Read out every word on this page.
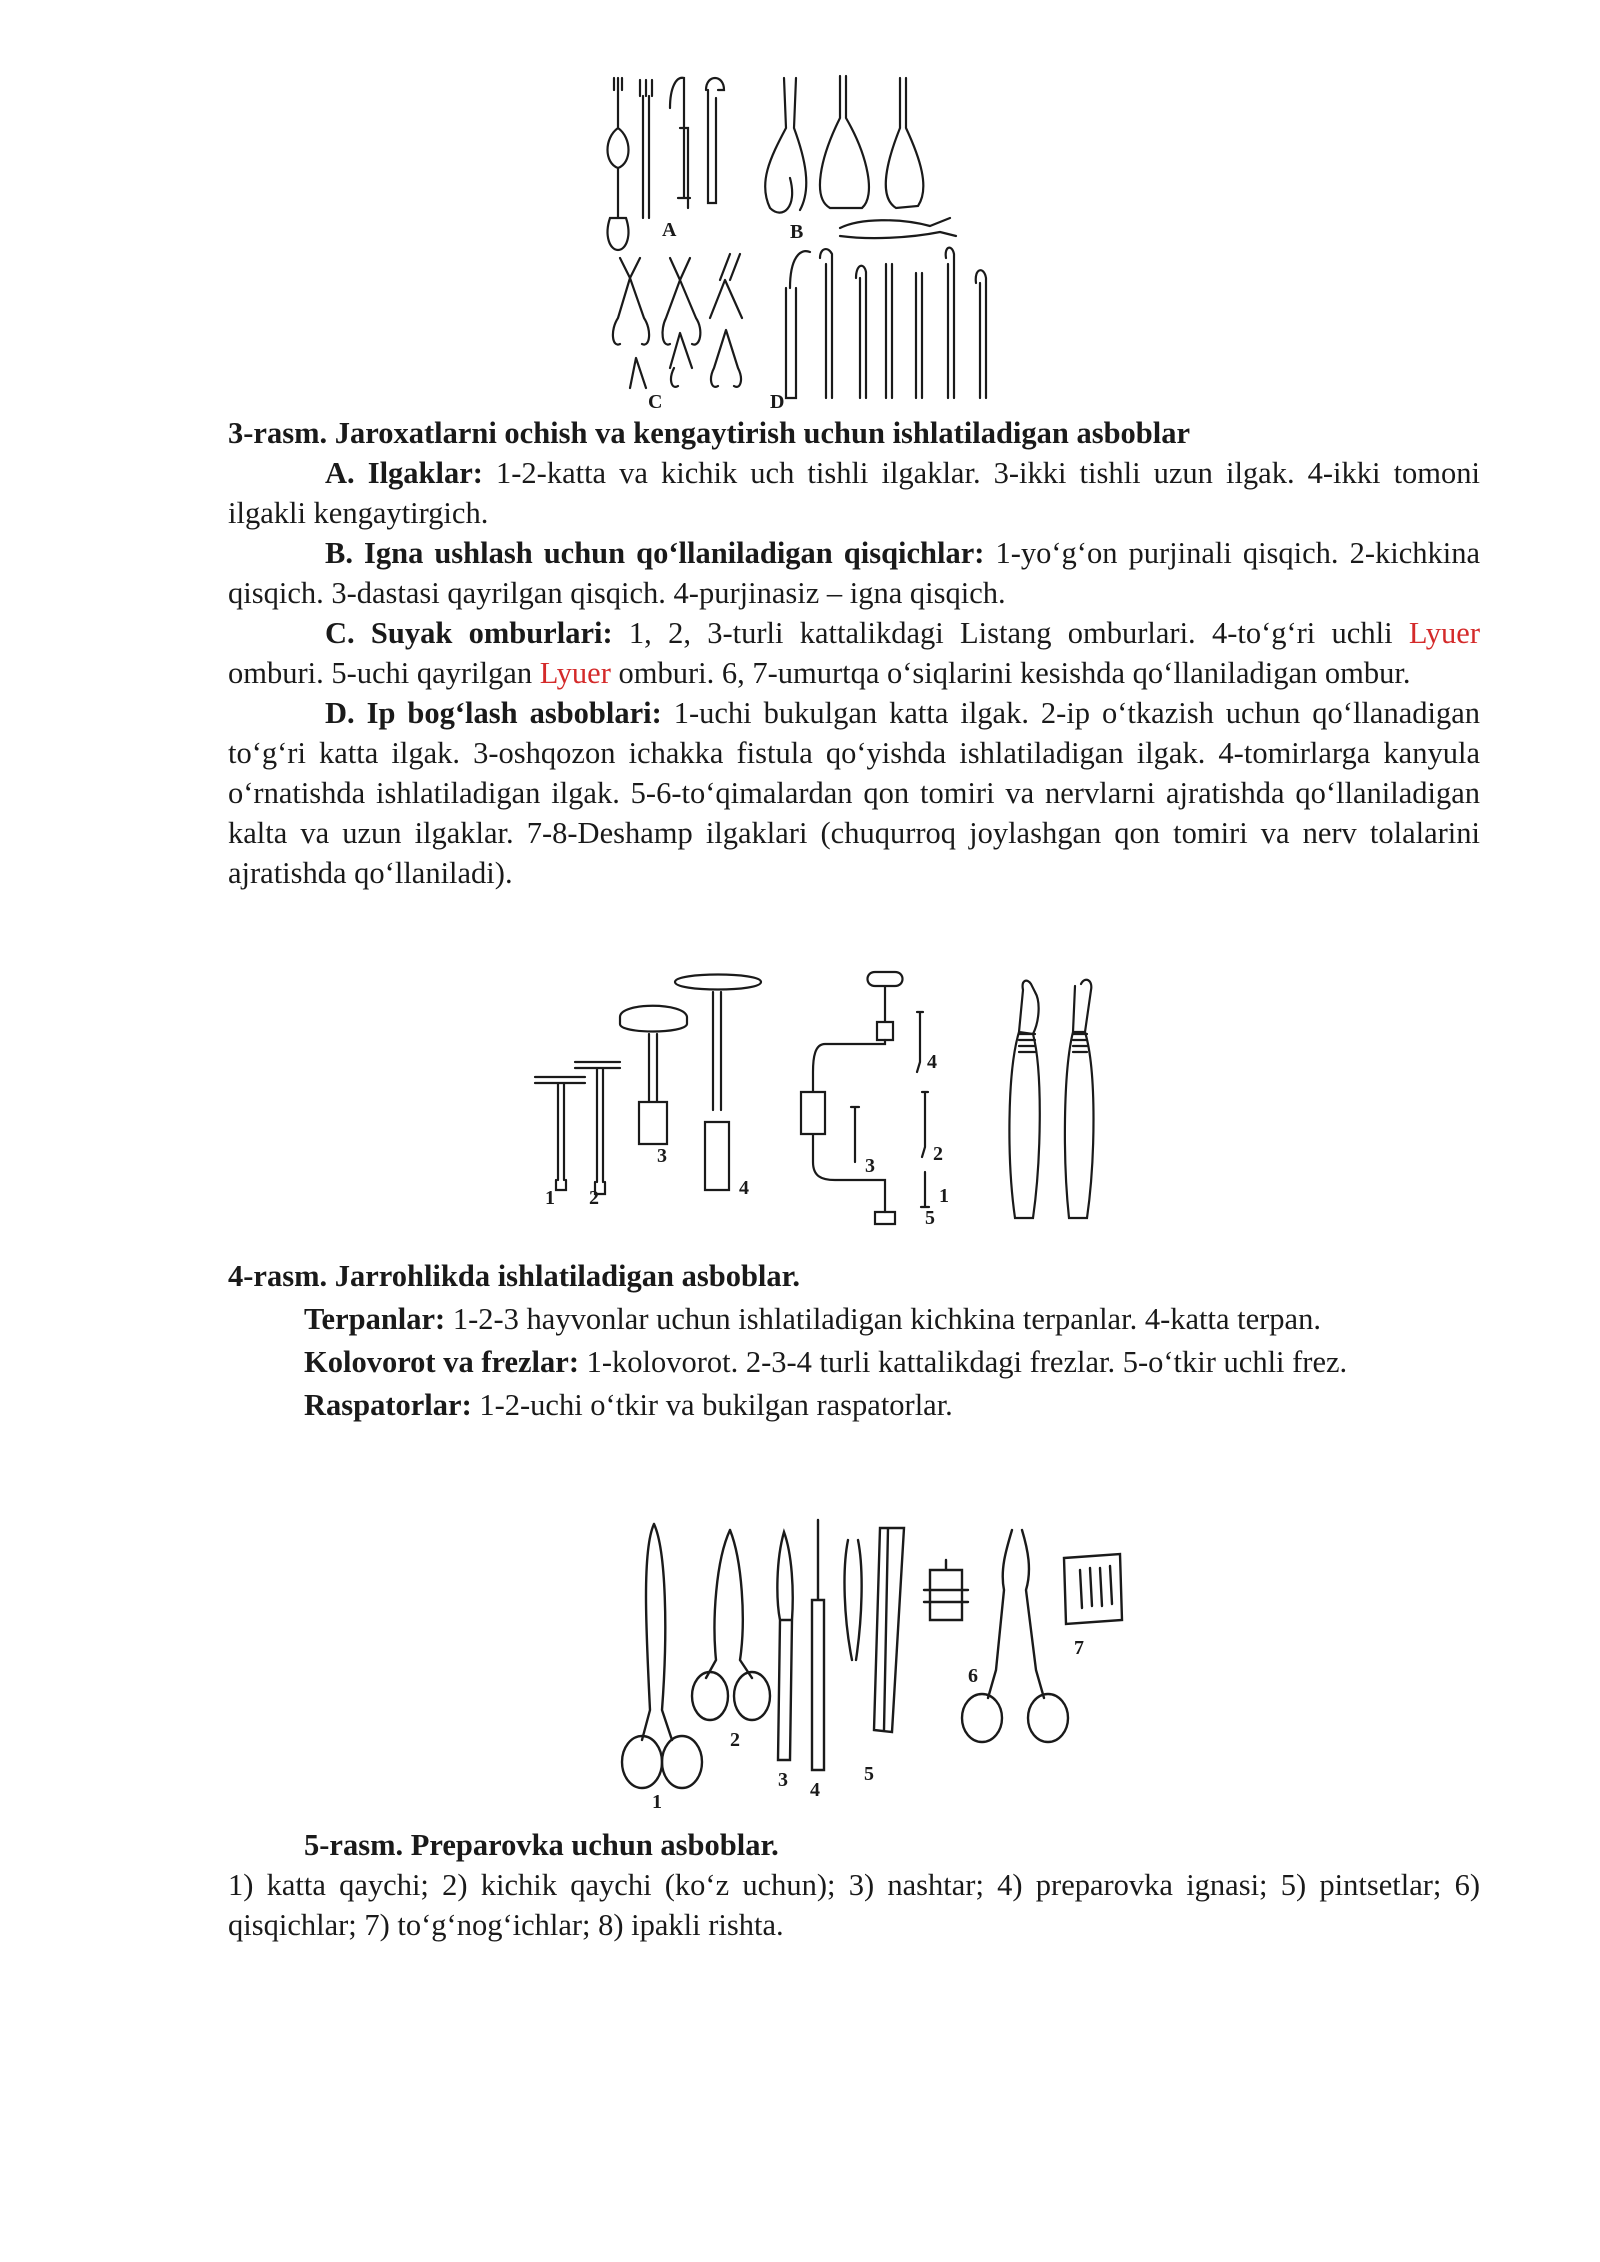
A	B
C	D

3-rasm. Jaroxatlarni ochish va kengaytirish uchun ishlatiladigan asboblar

A. Ilgaklar: 1-2-katta va kichik uch tishli ilgaklar. 3-ikki tishli uzun ilgak. 4-ikki tomoni ilgakli kengaytirgich.

B. Igna ushlash uchun qo‘llaniladigan qisqichlar: 1-yo‘g‘on purjinali qisqich. 2-kichkina qisqich. 3-dastasi qayrilgan qisqich. 4-purjinasiz – igna qisqich.

C. Suyak omburlari: 1, 2, 3-turli kattalikdagi Listang omburlari. 4-to‘g‘ri uchli Lyuer omburi. 5-uchi qayrilgan Lyuer omburi. 6, 7-umurtqa o‘siqlarini kesishda qo‘llaniladigan ombur.

D. Ip bog‘lash asboblari: 1-uchi bukulgan katta ilgak. 2-ip o‘tkazish uchun qo‘llanadigan to‘g‘ri katta ilgak. 3-oshqozon ichakka fistula qo‘yishda ishlatiladigan ilgak. 4-tomirlarga kanyula o‘rnatishda ishlatiladigan ilgak. 5-6-to‘qimalardan qon tomiri va nervlarni ajratishda qo‘llaniladigan kalta va uzun ilgaklar. 7-8-Deshamp ilgaklari (chuqurroq joylashgan qon tomiri va nerv tolalarini ajratishda qo‘llaniladi).

1 2
3
4	1
2
4
3
5

4-rasm. Jarrohlikda ishlatiladigan asboblar.

Terpanlar: 1-2-3 hayvonlar uchun ishlatiladigan kichkina terpanlar. 4-katta terpan.

Kolovorot va frezlar: 1-kolovorot. 2-3-4 turli kattalikdagi frezlar. 5-o‘tkir uchli frez.

Raspatorlar: 1-2-uchi o‘tkir va bukilgan raspatorlar.

1
2
3 4
5
6
7

5-rasm. Preparovka uchun asboblar.

1) katta qaychi; 2) kichik qaychi (ko‘z uchun); 3) nashtar; 4) preparovka ignasi; 5) pintsetlar; 6) qisqichlar; 7) to‘g‘nog‘ichlar; 8) ipakli rishta.
